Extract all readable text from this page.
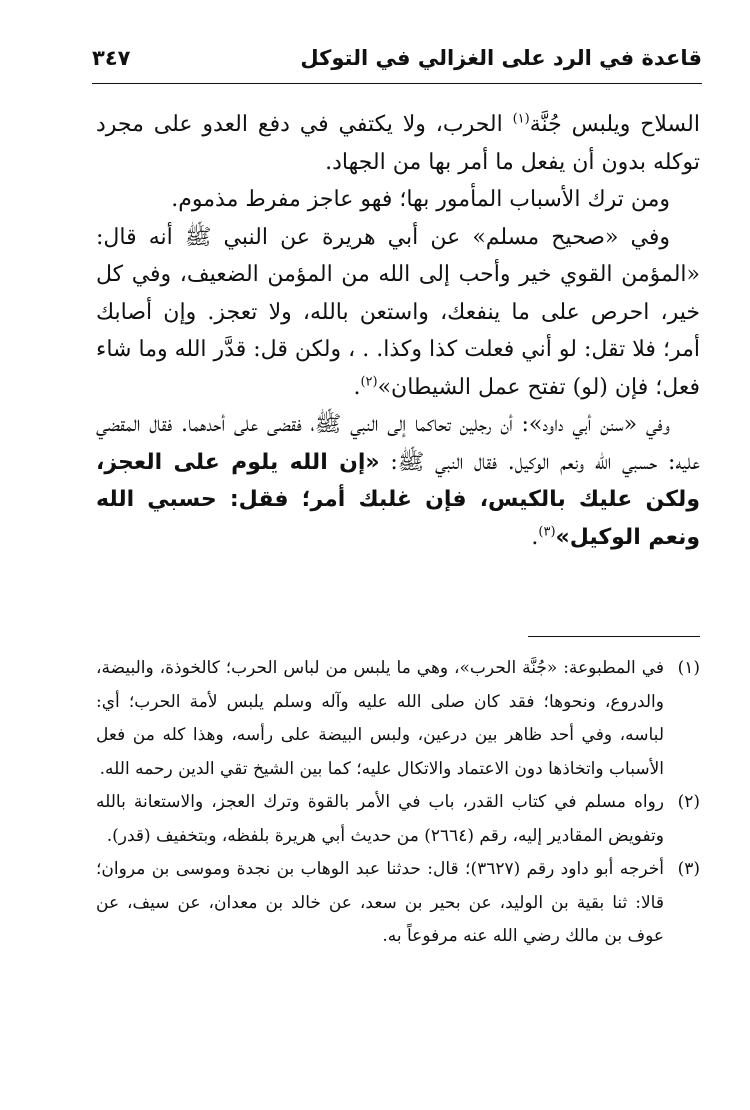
قاعدة في الرد على الغزالي في التوكل
٣٤٧

السلاح ويلبس جُنَّة$^{(١)}$ الحرب، ولا يكتفي في دفع العدو على مجرد توكله بدون أن يفعل ما أمر بها من الجهاد.

ومن ترك الأسباب المأمور بها؛ فهو عاجز مفرط مذموم.

وفي «صحيح مسلم» عن أبي هريرة عن النبي ﷺ أنه قال: «المؤمن القوي خير وأحب إلى الله من المؤمن الضعيف، وفي كل خير، احرص على ما ينفعك، واستعن بالله، ولا تعجز. وإن أصابك أمر؛ فلا تقل: لو أني فعلت كذا وكذا. . ، ولكن قل: قدَّر الله وما شاء فعل؛ فإن (لو) تفتح عمل الشيطان»$^{(٢)}$.

وفي «سنن أبي داود»: أن رجلين تحاكما إلى النبي ﷺ، فقضى على أحدهما. فقال المقضي عليه: حسبي الله ونعم الوكيل. فقال النبي ﷺ: «إن الله يلوم على العجز، ولكن عليك بالكيس، فإن غلبك أمر؛ فقل: حسبي الله ونعم الوكيل»$^{(٣)}$.

(١)
في المطبوعة: «جُنَّة الحرب»، وهي ما يلبس من لباس الحرب؛ كالخوذة، والبيضة، والدروع، ونحوها؛ فقد كان صلى الله عليه وآله وسلم يلبس لأمة الحرب؛ أي: لباسه، وفي أحد ظاهر بين درعين، ولبس البيضة على رأسه، وهذا كله من فعل الأسباب واتخاذها دون الاعتماد والاتكال عليه؛ كما بين الشيخ تقي الدين رحمه الله.
(٢)
رواه مسلم في كتاب القدر، باب في الأمر بالقوة وترك العجز، والاستعانة بالله وتفويض المقادير إليه، رقم (٢٦٦٤) من حديث أبي هريرة بلفظه، وبتخفيف (قدر).
(٣)
أخرجه أبو داود رقم (٣٦٢٧)؛ قال: حدثنا عبد الوهاب بن نجدة وموسى بن مروان؛ قالا: ثنا بقية بن الوليد، عن بحير بن سعد، عن خالد بن معدان، عن سيف، عن عوف بن مالك رضي الله عنه مرفوعاً به.
